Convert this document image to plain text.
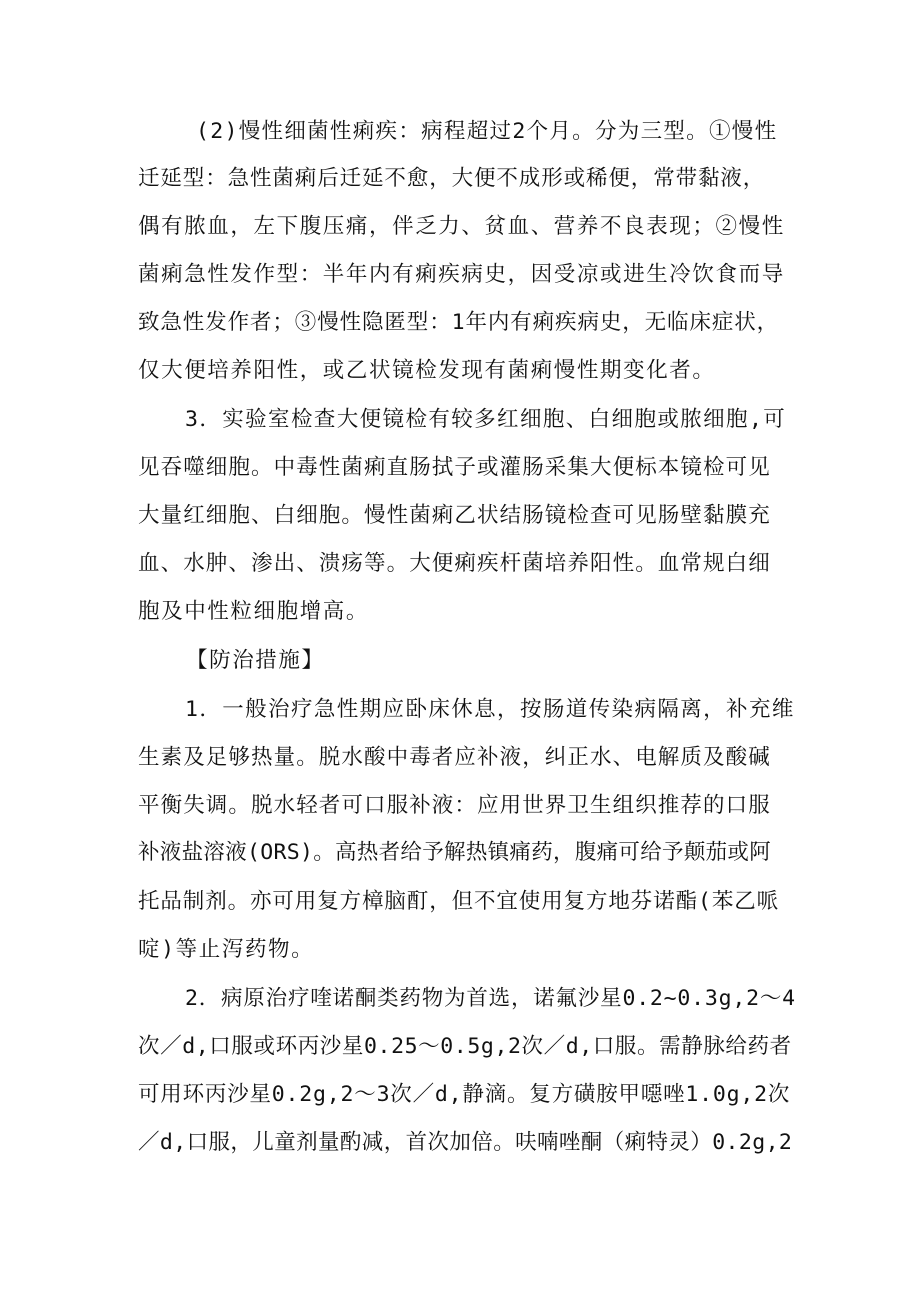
(2)慢性细菌性痢疾：病程超过2个月。分为三型。①慢性
迁延型：急性菌痢后迁延不愈，大便不成形或稀便，常带黏液，
偶有脓血，左下腹压痛，伴乏力、贫血、营养不良表现；②慢性
菌痢急性发作型：半年内有痢疾病史，因受凉或进生冷饮食而导
致急性发作者；③慢性隐匿型：1年内有痢疾病史，无临床症状，
仅大便培养阳性，或乙状镜检发现有菌痢慢性期变化者。
3．实验室检查大便镜检有较多红细胞、白细胞或脓细胞,可
见吞噬细胞。中毒性菌痢直肠拭子或灌肠采集大便标本镜检可见
大量红细胞、白细胞。慢性菌痢乙状结肠镜检查可见肠壁黏膜充
血、水肿、渗出、溃疡等。大便痢疾杆菌培养阳性。血常规白细
胞及中性粒细胞增高。
【防治措施】
1．一般治疗急性期应卧床休息，按肠道传染病隔离，补充维
生素及足够热量。脱水酸中毒者应补液，纠正水、电解质及酸碱
平衡失调。脱水轻者可口服补液：应用世界卫生组织推荐的口服
补液盐溶液(ORS)。高热者给予解热镇痛药，腹痛可给予颠茄或阿
托品制剂。亦可用复方樟脑酊，但不宜使用复方地芬诺酯(苯乙哌
啶)等止泻药物。
2．病原治疗喹诺酮类药物为首选，诺氟沙星0.2~0.3g,2～4
次／d,口服或环丙沙星0.25～0.5g,2次／d,口服。需静脉给药者
可用环丙沙星0.2g,2～3次／d,静滴。复方磺胺甲噁唑1.0g,2次
／d,口服，儿童剂量酌减，首次加倍。呋喃唑酮（痢特灵）0.2g,2
